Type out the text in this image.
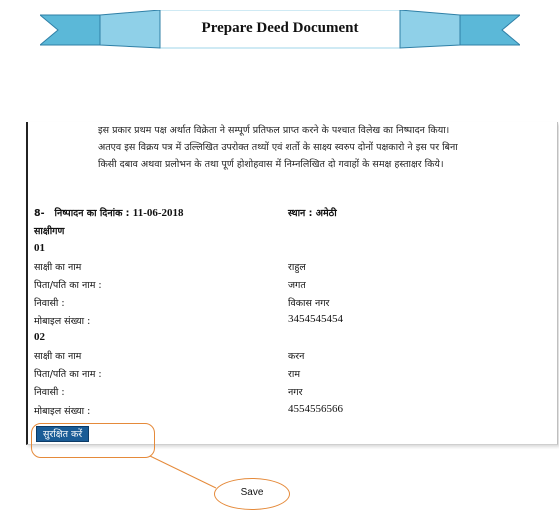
Prepare Deed Document
इस प्रकार प्रथम पक्ष अर्थात विक्रेता ने सम्पूर्ण प्रतिफल प्राप्त करने के पश्चात विलेख का निष्पादन किया।
अतएव इस विक्रय पत्र में उल्लिखित उपरोक्त तथ्यों एवं शर्तो के साक्ष्य स्वरुप दोनों पक्षकारो ने इस पर बिना
किसी दबाव अथवा प्रलोभन के तथा पूर्ण होशोहवास में निम्नलिखित दो गवाहों के समक्ष हस्ताक्षर किये।
8- निष्पादन का दिनांक : 11-06-2018	स्थान : अमेठी
साक्षीगण
01
साक्षी का नाम	राहुल
पिता/पति का नाम :	जगत
निवासी :	विकास नगर
मोबाइल संख्या :	3454545454
02
साक्षी का नाम	करन
पिता/पति का नाम :	राम
निवासी :	नगर
मोबाइल संख्या :	4554556566
सुरक्षित करें
Save
